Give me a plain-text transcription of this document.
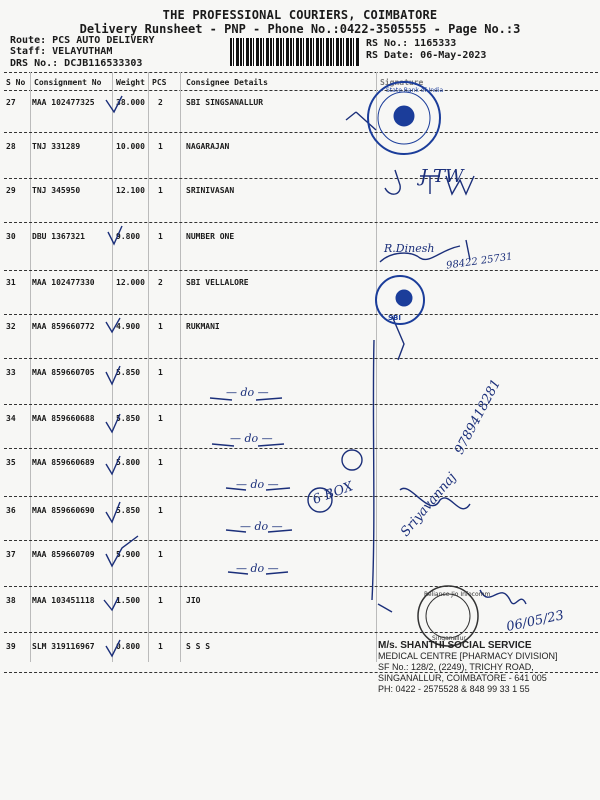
THE PROFESSIONAL COURIERS, COIMBATORE
Delivery Runsheet - PNP - Phone No.:0422-3505555 - Page No.:3
Route: PCS AUTO DELIVERY
Staff: VELAYUTHAM
DRS No.: DCJB116533303
RS No.: 1165333
RS Date: 06-May-2023
S No Consignment No Weight PCS Consignee Details	Signature
27 MAA 102477325	38.000 2	SBI SINGSANALLUR
28 TNJ 331289	10.000 1	NAGARAJAN
29 TNJ 345950	12.100 1	SRINIVASAN
30 DBU 1367321	9.800 1	NUMBER ONE
31 MAA 102477330	12.000 2	SBI VELLALORE
32 MAA 859660772	4.900 1	RUKMANI
33 MAA 859660705	5.850 1
34 MAA 859660688	5.850 1
35 MAA 859660689	5.800 1
36 MAA 859660690	5.850 1
37 MAA 859660709	5.900 1
38 MAA 103451118	1.500 1	JIO
39 SLM 319116967	0.800 1	S S S
State Bank of India
SBI
Reliance Jio Infocomm
Singanallur
J TW
R.Dinesh
98422 25731
— do —
— do —
— do —
— do —
— do —
6 BOX
9789418281
Sriyavannaj
06/05/23
M/s. SHANTHI SOCIAL SERVICE
MEDICAL CENTRE [PHARMACY DIVISION]
SF No.: 128/2, (2249), TRICHY ROAD,
SINGANALLUR, COIMBATORE - 641 005
PH: 0422 - 2575528 & 848 99 33 1 55
